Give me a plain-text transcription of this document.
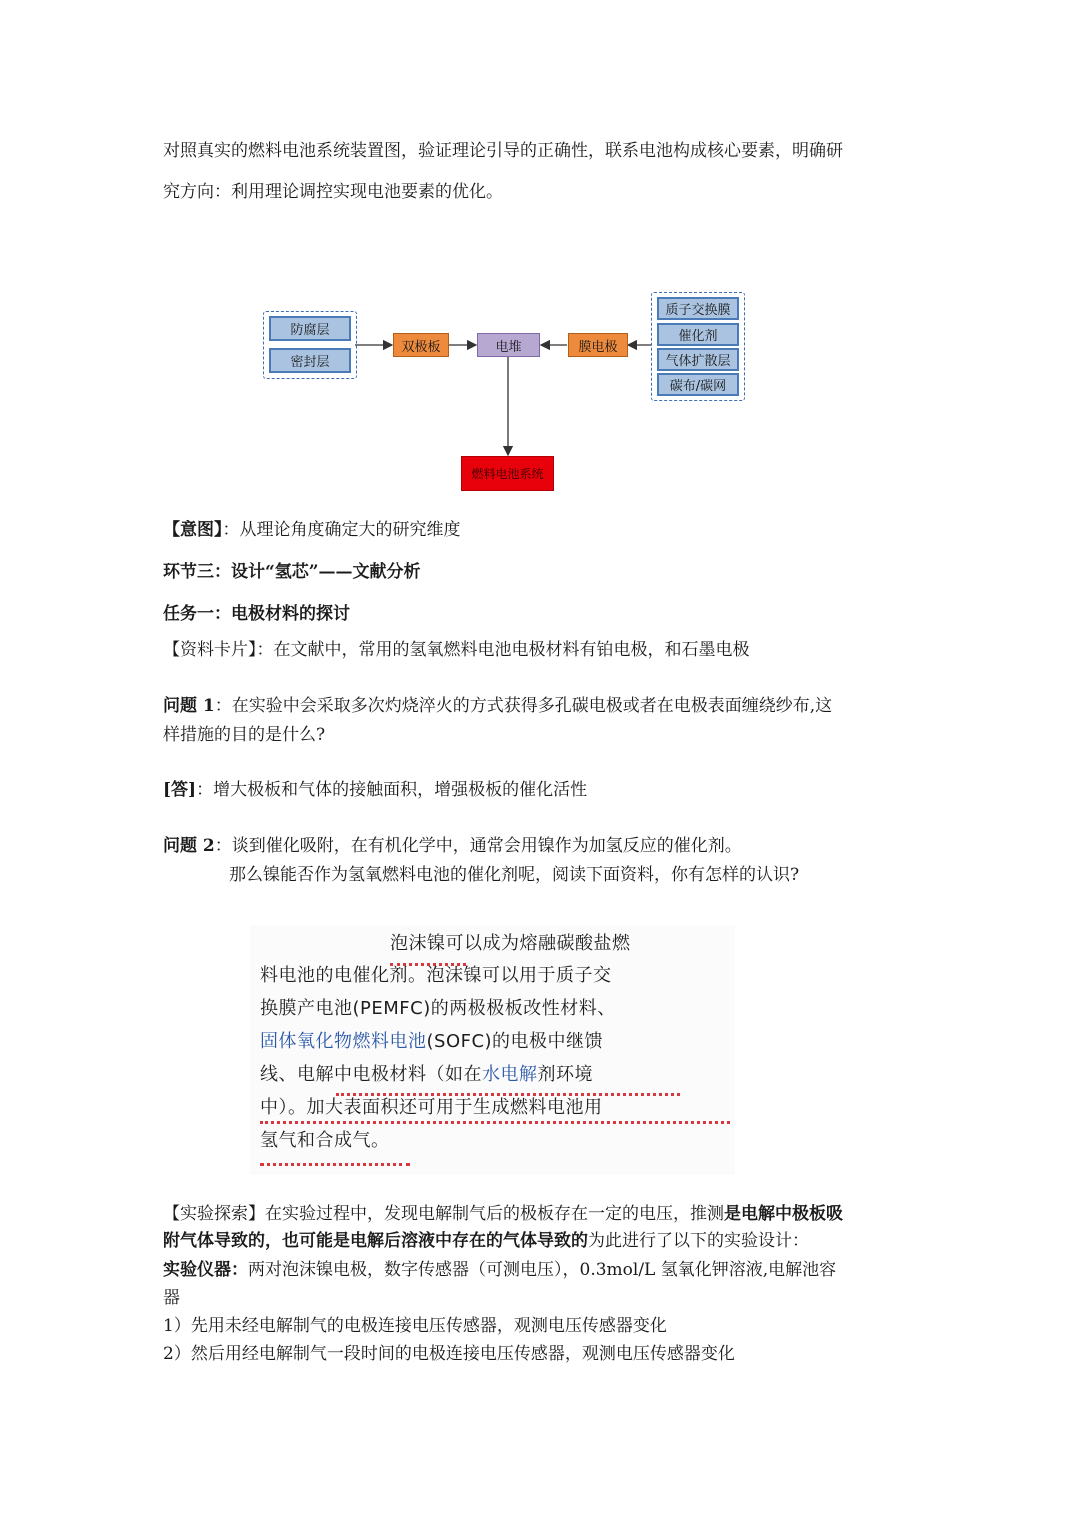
对照真实的燃料电池系统装置图，验证理论引导的正确性，联系电池构成核心要素，明确研
究方向：利用理论调控实现电池要素的优化。
防腐层
密封层
双极板	电堆	膜电极
质子交换膜
催化剂
气体扩散层
碳布/碳网
燃料电池系统
【意图】：从理论角度确定大的研究维度
环节三：设计“氢芯”——文献分析
任务一：电极材料的探讨
【资料卡片】：在文献中，常用的氢氧燃料电池电极材料有铂电极，和石墨电极
问题 1：在实验中会采取多次灼烧淬火的方式获得多孔碳电极或者在电极表面缠绕纱布,这
样措施的目的是什么?
[答]：增大极板和气体的接触面积，增强极板的催化活性
问题 2：谈到催化吸附，在有机化学中，通常会用镍作为加氢反应的催化剂。
那么镍能否作为氢氧燃料电池的催化剂呢，阅读下面资料，你有怎样的认识?
泡沫镍可以成为熔融碳酸盐燃
料电池的电催化剂。泡沫镍可以用于质子交
换膜产电池(PEMFC)的两极极板改性材料、
固体氧化物燃料电池(SOFC)的电极中继馈
线、电解中电极材料（如在水电解剂环境
中）。加大表面积还可用于生成燃料电池用
氢气和合成气。
【实验探索】在实验过程中，发现电解制气后的极板存在一定的电压，推测是电解中极板吸
附气体导致的，也可能是电解后溶液中存在的气体导致的为此进行了以下的实验设计：
实验仪器：两对泡沫镍电极，数字传感器（可测电压），0.3mol/L 氢氧化钾溶液,电解池容
器
1）先用未经电解制气的电极连接电压传感器，观测电压传感器变化
2）然后用经电解制气一段时间的电极连接电压传感器，观测电压传感器变化
